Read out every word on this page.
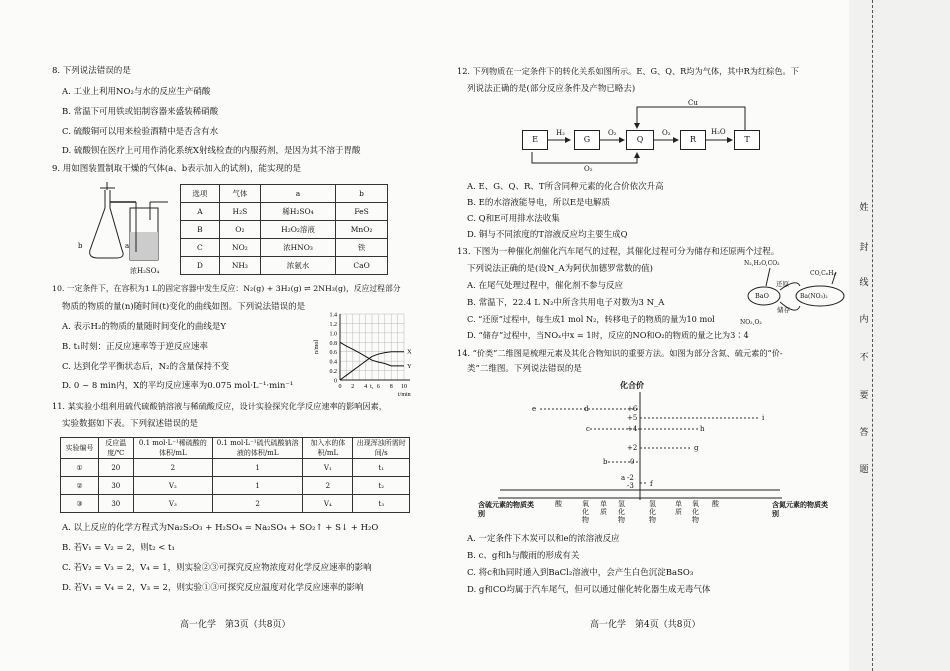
姓
封
线
内
不
要
答
题
8. 下列说法错误的是
A. 工业上利用NO₂与水的反应生产硝酸
B. 常温下可用铁或铝制容器来盛装稀硝酸
C. 硫酸铜可以用来检验酒精中是否含有水
D. 硫酸钡在医疗上可用作消化系统X射线检查的内服药剂，是因为其不溶于胃酸
9. 用如图装置制取干燥的气体(a、b表示加入的试剂)，能实现的是
b	a
浓H₂SO₄
选项	气体	a	b
A	H₂S	稀H₂SO₄	FeS
B	O₂	H₂O₂溶液	MnO₂
C	NO₂	浓HNO₃	铁
D	NH₃	浓氨水	CaO
10. 一定条件下，在容积为1 L的固定容器中发生反应：N₂(g) + 3H₂(g) ⇌ 2NH₃(g)，反应过程部分
物质的物质的量(n)随时间(t)变化的曲线如图。下列说法错误的是
A. 表示H₂的物质的量随时间变化的曲线是Y
B. t₁时刻：正反应速率等于逆反应速率
C. 达到化学平衡状态后，N₂的含量保持不变
D. 0 ~ 8 min内，X的平均反应速率为0.075 mol·L⁻¹·min⁻¹
1.4
1.2
1.0
0.8
0.6
0.4
0.2
0
0 2 4 t₁ 6 8 10
n/mol
t/min
X
Y
11. 某实验小组利用硫代硫酸钠溶液与稀硫酸反应，设计实验探究化学反应速率的影响因素，
实验数据如下表。下列叙述错误的是
实验编号	反应温度/℃	0.1 mol·L⁻¹稀硫酸的体积/mL	0.1 mol·L⁻¹硫代硫酸钠溶液的体积/mL	加入水的体积/mL	出现浑浊所需时间/s
①	20	2	1	V₁	t₁
②	30	V₂	1	2	t₂
③	30	V₃	2	V₄	t₃
A. 以上反应的化学方程式为Na₂S₂O₃ + H₂SO₄ = Na₂SO₄ + SO₂↑ + S↓ + H₂O
B. 若V₁ = V₂ = 2，则t₂ < t₁
C. 若V₂ = V₃ = 2，V₄ = 1，则实验②③可探究反应物浓度对化学反应速率的影响
D. 若V₁ = V₄ = 2，V₃ = 2，则实验①③可探究反应温度对化学反应速率的影响
高一化学　第3页（共8页）
12. 下列物质在一定条件下的转化关系如图所示。E、G、Q、R均为气体，其中R为红棕色。下
列说法正确的是(部分反应条件及产物已略去)
E	G	Q	R	T
H₂	O₂	O₂	H₂O
Cu
O₂
A. E、G、Q、R、T所含同种元素的化合价依次升高
B. E的水溶液能导电，所以E是电解质
C. Q和E可用排水法收集
D. 铜与不同浓度的T溶液反应均主要生成Q
13. 下图为一种催化剂催化汽车尾气的过程，其催化过程可分为储存和还原两个过程。
下列说法正确的是(设N_A为阿伏加德罗常数的值)
A. 在尾气处理过程中，催化剂不参与反应
B. 常温下，22.4 L N₂中所含共用电子对数为3 N_A
C. “还原”过程中，每生成1 mol N₂，转移电子的物质的量为10 mol
D. “储存”过程中，当NOₓ中x = 1时，反应的NO和O₂的物质的量之比为3∶4
N₂,H₂O,CO₂
CO,CₓHᵧ
BaO	Ba(NO₃)₂
还原
储存
NO₂,O₂
14. “价类”二维图是梳理元素及其化合物知识的重要方法。如图为部分含氮、硫元素的“价-
类”二维图。下列说法错误的是
化合价
+6
+5
+4
+2
0
-2
-3
e	d
c
b
a
i
h
g
f
含硫元素的物质类别
含氮元素的物质类别
酸	氧化物
单质
氢化物
氢化物
单质
氧化物
酸
A. 一定条件下木炭可以和e的浓溶液反应
B. c、g和h与酸雨的形成有关
C. 将c和h同时通入到BaCl₂溶液中，会产生白色沉淀BaSO₃
D. g和CO均属于汽车尾气，但可以通过催化转化器生成无毒气体
高一化学　第4页（共8页）
